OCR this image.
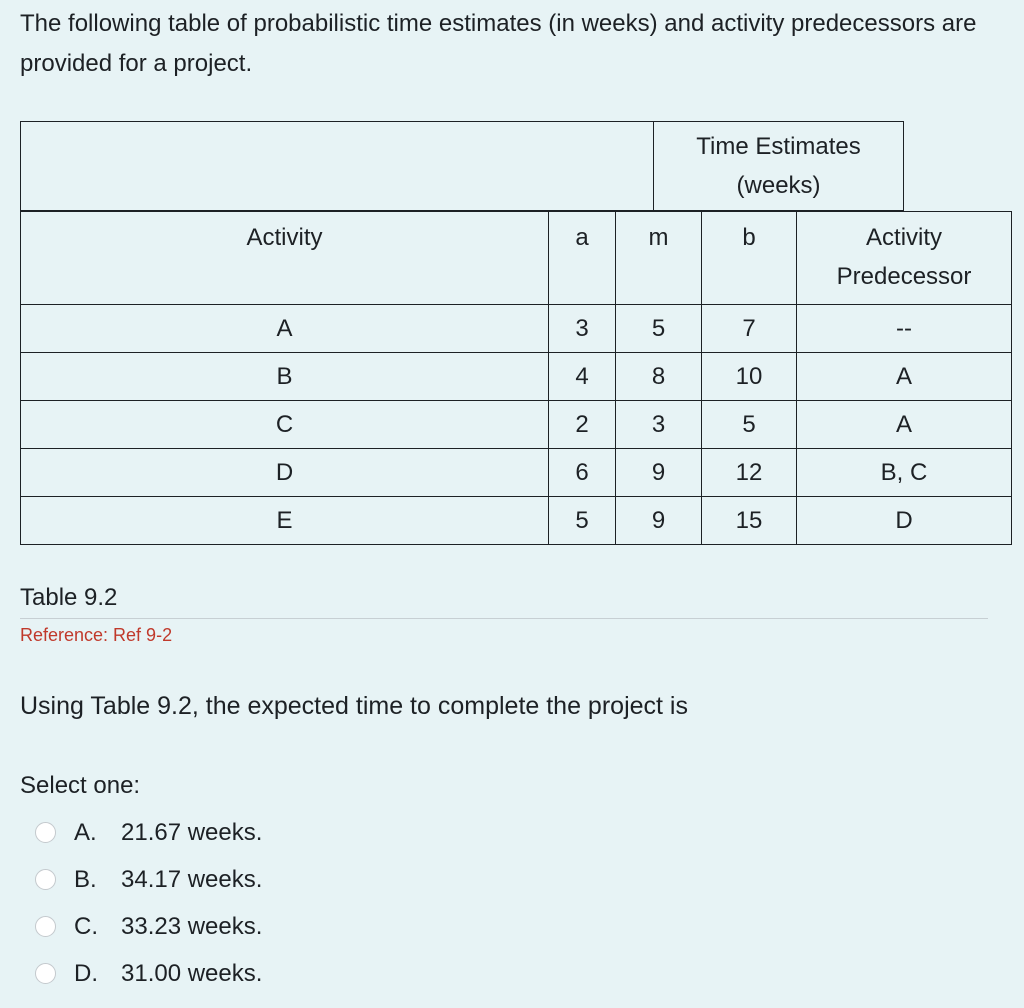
The following table of probabilistic time estimates (in weeks) and activity predecessors are provided for a project.

			Time Estimates
(weeks)			

Activity	a	m		b	Activity
Predecessor	

A	3	5		7	--	
B	4	8		10	A	
C	2	3		5	A	
D	6	9		12	B, C	
E	5	9		15	D	
Table 9.2
Reference: Ref 9-2
Using Table 9.2, the expected time to complete the project is
Select one:
A.	21.67 weeks.
B.	34.17 weeks.
C. 33.23 weeks.
D. 31.00 weeks.
